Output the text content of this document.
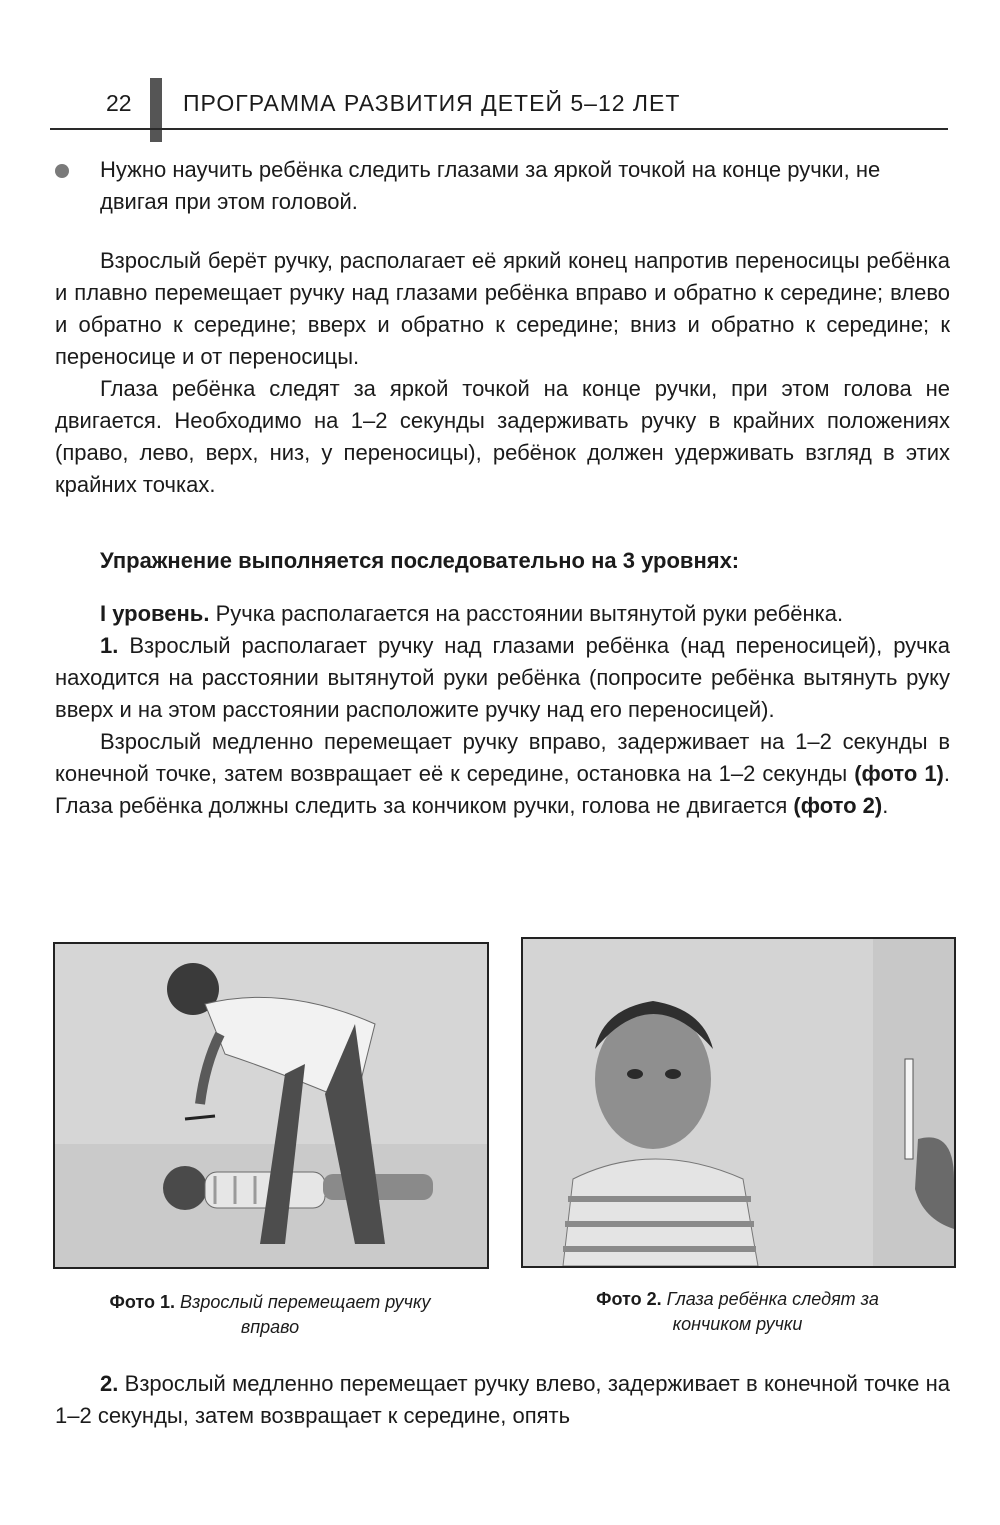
22 ПРОГРАММА РАЗВИТИЯ ДЕТЕЙ 5–12 ЛЕТ

Нужно научить ребёнка следить глазами за яркой точкой на конце ручки, не двигая при этом головой.

Взрослый берёт ручку, располагает её яркий конец напротив переносицы ребёнка и плавно перемещает ручку над глазами ребёнка вправо и обратно к середине; влево и обратно к середине; вверх и обратно к середине; вниз и обратно к середине; к переносице и от переносицы.

Глаза ребёнка следят за яркой точкой на конце ручки, при этом голова не двигается. Необходимо на 1–2 секунды задерживать ручку в крайних положениях (право, лево, верх, низ, у переносицы), ребёнок должен удерживать взгляд в этих крайних точках.

Упражнение выполняется последовательно на 3 уровнях:

I уровень. Ручка располагается на расстоянии вытянутой руки ребёнка.

1. Взрослый располагает ручку над глазами ребёнка (над переносицей), ручка находится на расстоянии вытянутой руки ребёнка (попросите ребёнка вытянуть руку вверх и на этом расстоянии расположите ручку над его переносицей).

Взрослый медленно перемещает ручку вправо, задерживает на 1–2 секунды в конечной точке, затем возвращает её к середине, остановка на 1–2 секунды (фото 1). Глаза ребёнка должны следить за кончиком ручки, голова не двигается (фото 2).

Фото 1. Взрослый перемещает ручку вправо
Фото 2. Глаза ребёнка следят за кончиком ручки

2. Взрослый медленно перемещает ручку влево, задерживает в конечной точке на 1–2 секунды, затем возвращает к середине, опять
